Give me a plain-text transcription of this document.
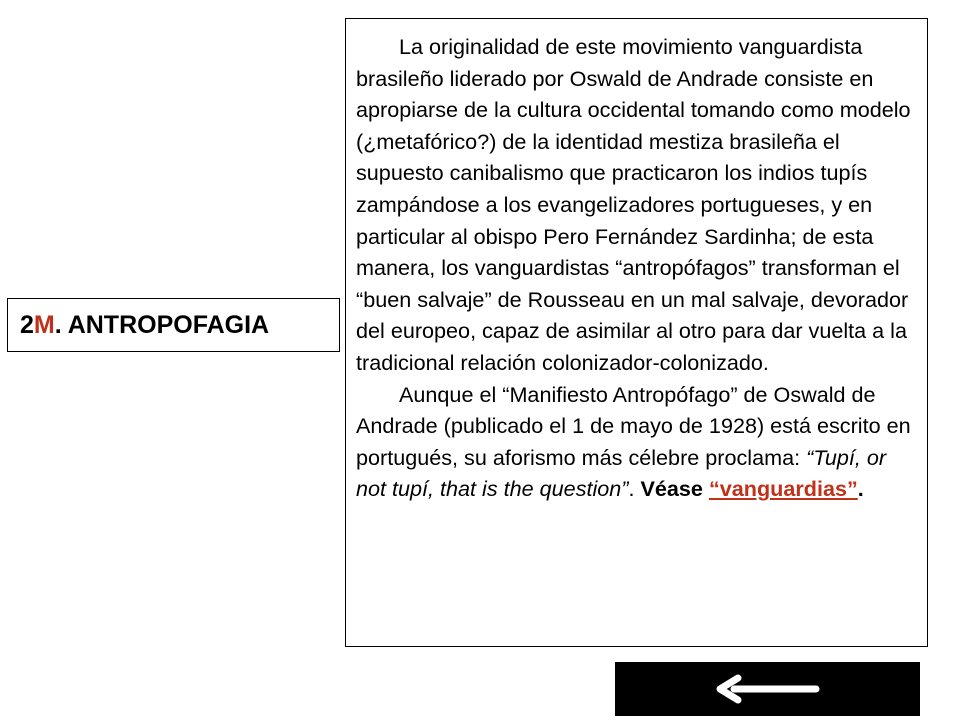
2 M . ANTROPOFAGIA

La originalidad de este movimiento vanguardista brasileño liderado por Oswald de Andrade consiste en apropiarse de la cultura occidental tomando como modelo (¿metafórico?) de la identidad mestiza brasileña el supuesto canibalismo que practicaron los indios tupís zampándose a los evangelizadores portugueses, y en particular al obispo Pero Fernández Sardinha; de esta manera, los vanguardistas “antropófagos” transforman el “buen salvaje” de Rousseau en un mal salvaje, devorador del europeo, capaz de asimilar al otro para dar vuelta a la tradicional relación colonizador-colonizado.

Aunque el “Manifiesto Antropófago” de Oswald de Andrade (publicado el 1 de mayo de 1928) está escrito en portugués, su aforismo más célebre proclama: “Tupí, or not tupí, that is the question”. Véase “vanguardias”.
